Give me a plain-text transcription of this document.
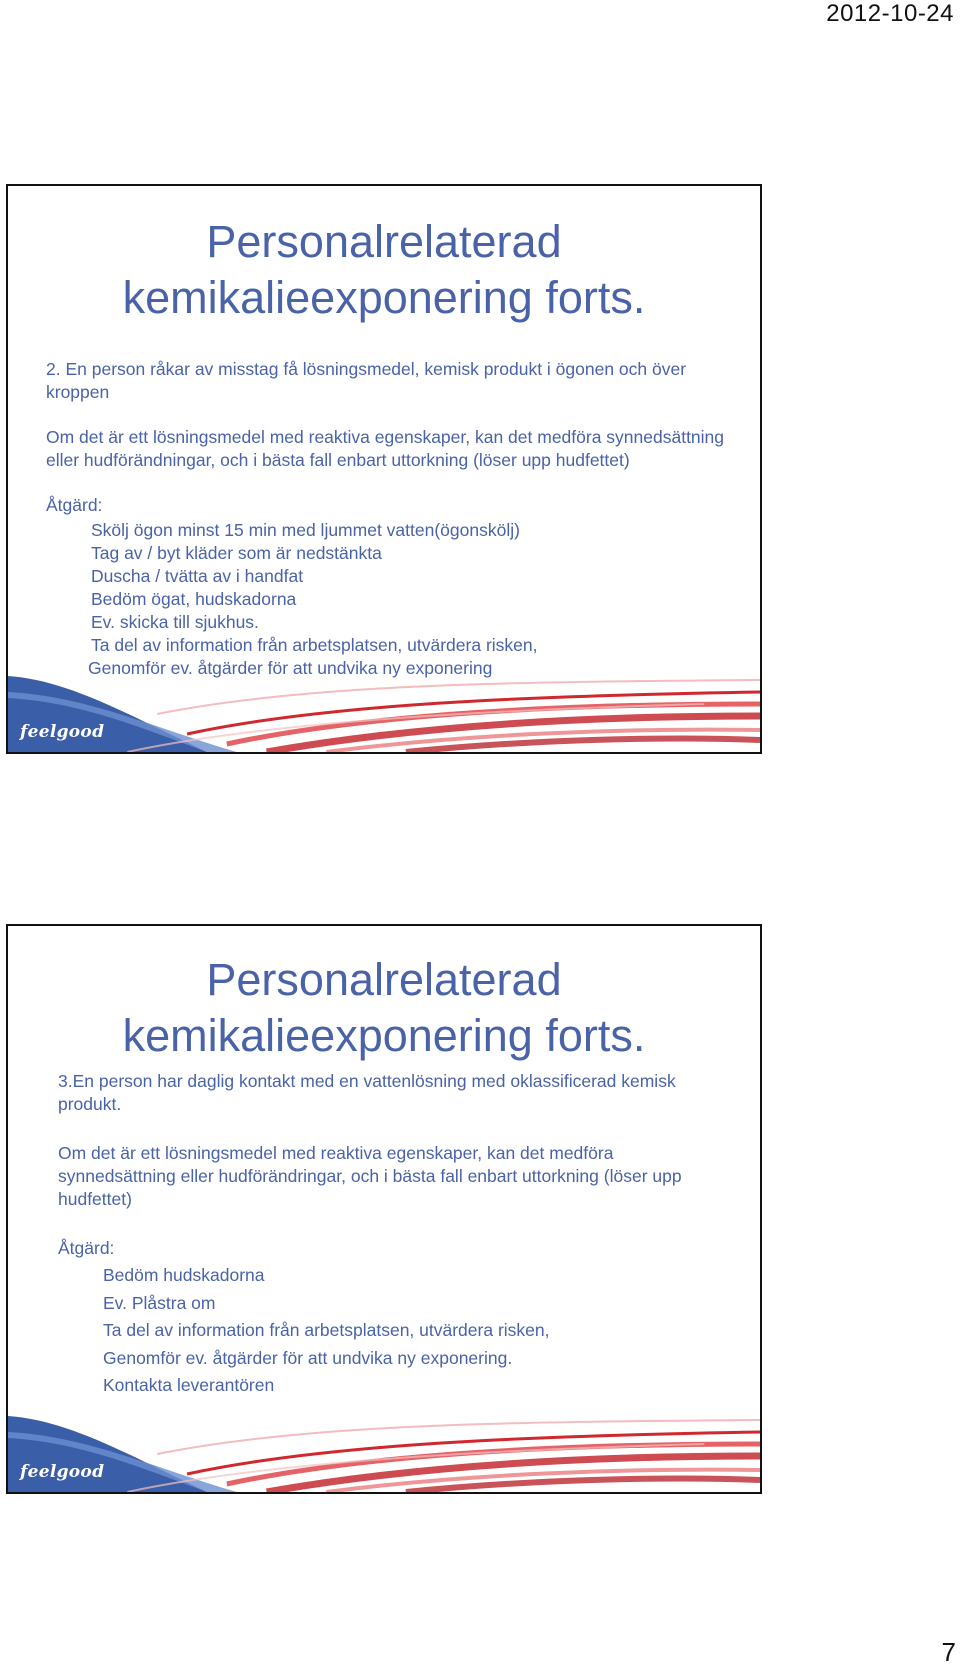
2012-10-24
Personalrelaterad
kemikalieexponering forts.

2. En person råkar av misstag få lösningsmedel, kemisk produkt i ögonen och över kroppen

Om det är ett lösningsmedel med reaktiva egenskaper, kan det medföra synnedsättning eller hudförändningar, och i bästa fall enbart uttorkning (löser upp hudfettet)

Åtgärd:

Skölj ögon minst 15 min med ljummet vatten(ögonskölj)
Tag av / byt kläder som är nedstänkta
Duscha / tvätta av i handfat
Bedöm ögat, hudskadorna
Ev. skicka till sjukhus.
Ta del av information från arbetsplatsen, utvärdera risken,
Genomför ev. åtgärder för att undvika ny exponering
feelgood
Personalrelaterad
kemikalieexponering forts.

3.En person har daglig kontakt med en vattenlösning med oklassificerad kemisk produkt.

Om det är ett lösningsmedel med reaktiva egenskaper, kan det medföra synnedsättning eller hudförändringar, och i bästa fall enbart uttorkning (löser upp hudfettet)

Åtgärd:

Bedöm hudskadorna
Ev. Plåstra om
Ta del av information från arbetsplatsen, utvärdera risken,
Genomför ev. åtgärder för att undvika ny exponering.
Kontakta leverantören
feelgood
7
